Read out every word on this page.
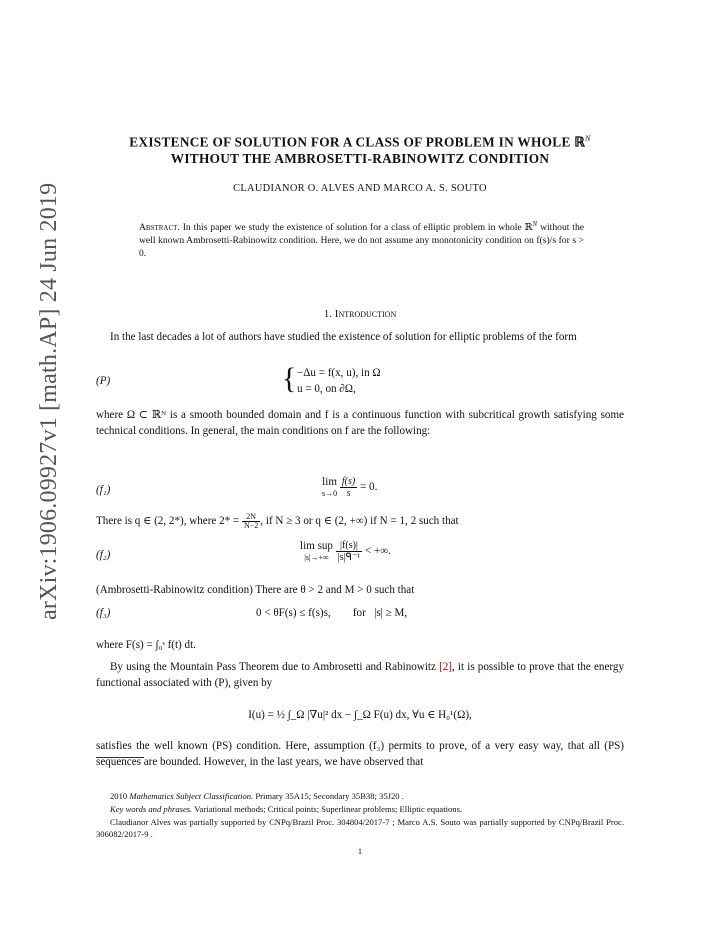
arXiv:1906.09927v1 [math.AP] 24 Jun 2019
EXISTENCE OF SOLUTION FOR A CLASS OF PROBLEM IN WHOLE ℝ$^N$
WITHOUT THE AMBROSETTI-RABINOWITZ CONDITION
CLAUDIANOR O. ALVES AND MARCO A. S. SOUTO
Abstract. In this paper we study the existence of solution for a class of elliptic problem in whole ℝ$^N$ without the well known Ambrosetti-Rabinowitz condition. Here, we do not assume any monotonicity condition on f(s)/s for s > 0.
1. Introduction
In the last decades a lot of authors have studied the existence of solution for elliptic problems of the form
(P)	{ −Δu = f(x, u), in Ω
u = 0, on ∂Ω,
where Ω ⊂ ℝᴺ is a smooth bounded domain and f is a continuous function with subcritical growth satisfying some technical conditions. In general, the main conditions on f are the following:
(f₁)
lim
s→0
$\frac{f(s)}{s} = 0$.
There is q ∈ (2, 2*), where $2* = \frac{2N}{N-2}$ , if N ≥ 3 or q ∈ (2, +∞) if N = 1, 2 such that
(f₂)
lim sup
|s|→+∞
$\frac{|f(s)|}{\text{|s|ᑫ⁻¹}}$ < +∞.
(Ambrosetti-Rabinowitz condition) There are θ > 2 and M > 0 such that
(f₃)	0 < θF(s) ≤ f(s)s,        for   |s| ≥ M,
where F(s) = ∫₀ˢ f(t) dt.
By using the Mountain Pass Theorem due to Ambrosetti and Rabinowitz [2], it is possible to prove that the energy functional associated with (P), given by
I(u) = ½ ∫_Ω |∇u|² dx − ∫_Ω F(u) dx, ∀u ∈ H₀¹(Ω),
satisfies the well known (PS) condition. Here, assumption (f₃) permits to prove, of a very easy way, that all (PS) sequences are bounded. However, in the last years, we have observed that
2010 Mathematics Subject Classification. Primary 35A15; Secondary 35B38; 35J20 .
Key words and phrases. Variational methods; Critical points; Superlinear problems; Elliptic equations.
Claudianor Alves was partially supported by CNPq/Brazil Proc. 304804/2017-7 ; Marco A.S. Souto was partially supported by CNPq/Brazil Proc. 306082/2017-9 .
1
